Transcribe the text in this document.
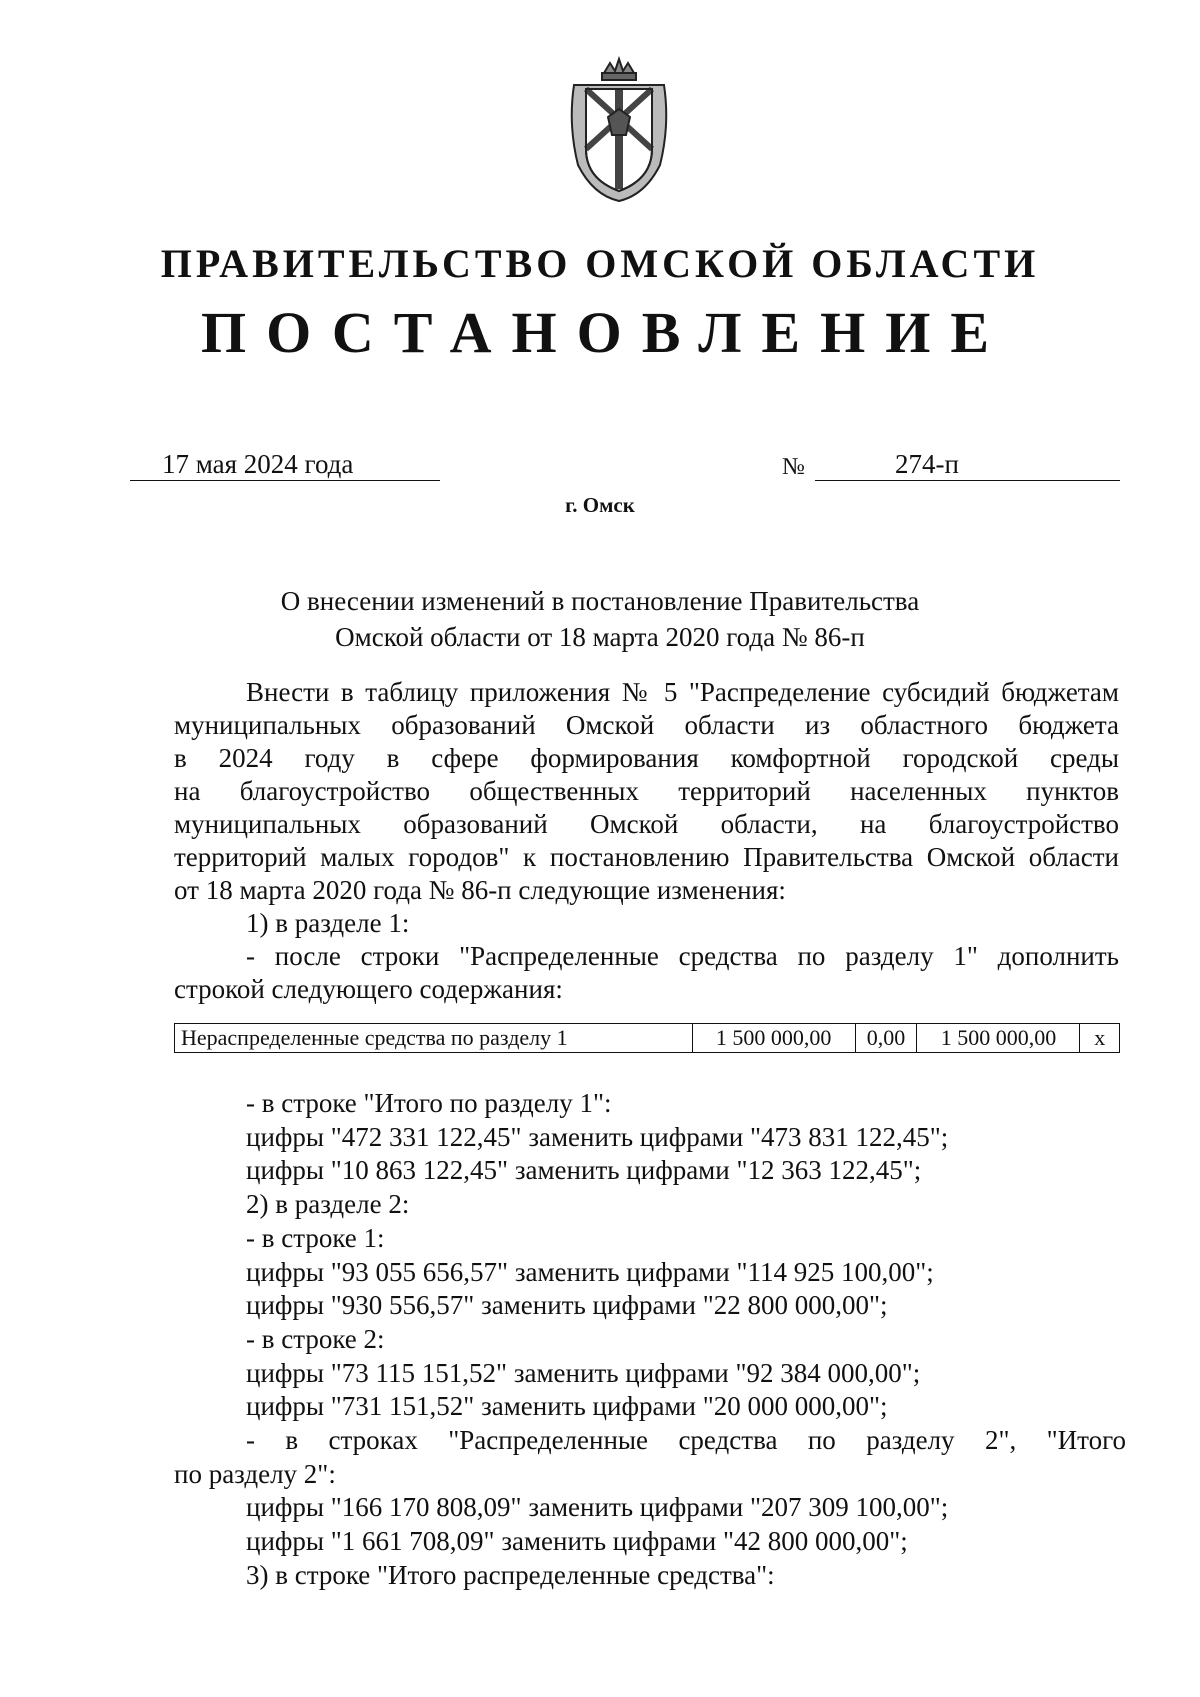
ПРАВИТЕЛЬСТВО ОМСКОЙ ОБЛАСТИ
ПОСТАНОВЛЕНИЕ
17 мая 2024 года	№	274-п
г. Омск
О внесении изменений в постановление Правительства
Омской области от 18 марта 2020 года № 86-п
Внести в таблицу приложения № 5 "Распределение субсидий бюджетам
муниципальных образований Омской области из областного бюджета
в 2024 году в сфере формирования комфортной городской среды
на благоустройство общественных территорий населенных пунктов
муниципальных образований Омской области, на благоустройство
территорий малых городов" к постановлению Правительства Омской области
от 18 марта 2020 года № 86-п следующие изменения:
1) в разделе 1:
- после строки "Распределенные средства по разделу 1" дополнить
строкой следующего содержания:
Нераспределенные средства по разделу 1	1 500 000,00	0,00	1 500 000,00	х
- в строке "Итого по разделу 1":
цифры "472 331 122,45" заменить цифрами "473 831 122,45";
цифры "10 863 122,45" заменить цифрами "12 363 122,45";
2) в разделе 2:
- в строке 1:
цифры "93 055 656,57" заменить цифрами "114 925 100,00";
цифры "930 556,57" заменить цифрами "22 800 000,00";
- в строке 2:
цифры "73 115 151,52" заменить цифрами "92 384 000,00";
цифры "731 151,52" заменить цифрами "20 000 000,00";
- в строках "Распределенные средства по разделу 2", "Итого
по разделу 2":
цифры "166 170 808,09" заменить цифрами "207 309 100,00";
цифры "1 661 708,09" заменить цифрами "42 800 000,00";
3) в строке "Итого распределенные средства":
